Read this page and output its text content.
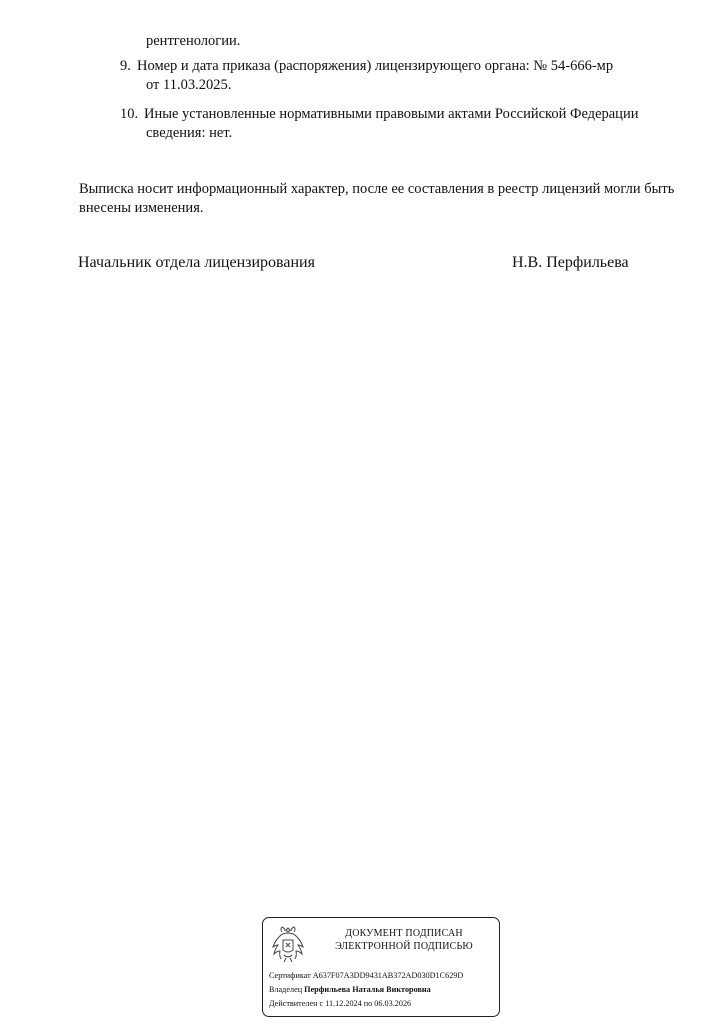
рентгенологии.
9. Номер и дата приказа (распоряжения) лицензирующего органа: № 54-666-мр
от 11.03.2025.
10. Иные установленные нормативными правовыми актами Российской Федерации
сведения: нет.
Выписка носит информационный характер, после ее составления в реестр лицензий могли быть
внесены изменения.
Начальник отдела лицензирования	Н.В. Перфильева
ДОКУМЕНТ ПОДПИСАН
ЭЛЕКТРОННОЙ ПОДПИСЬЮ
Сертификат A637F07A3DD9431AB372AD030D1C629D
Владелец Перфильева Наталья Викторовна
Действителен с 11.12.2024 по 06.03.2026
